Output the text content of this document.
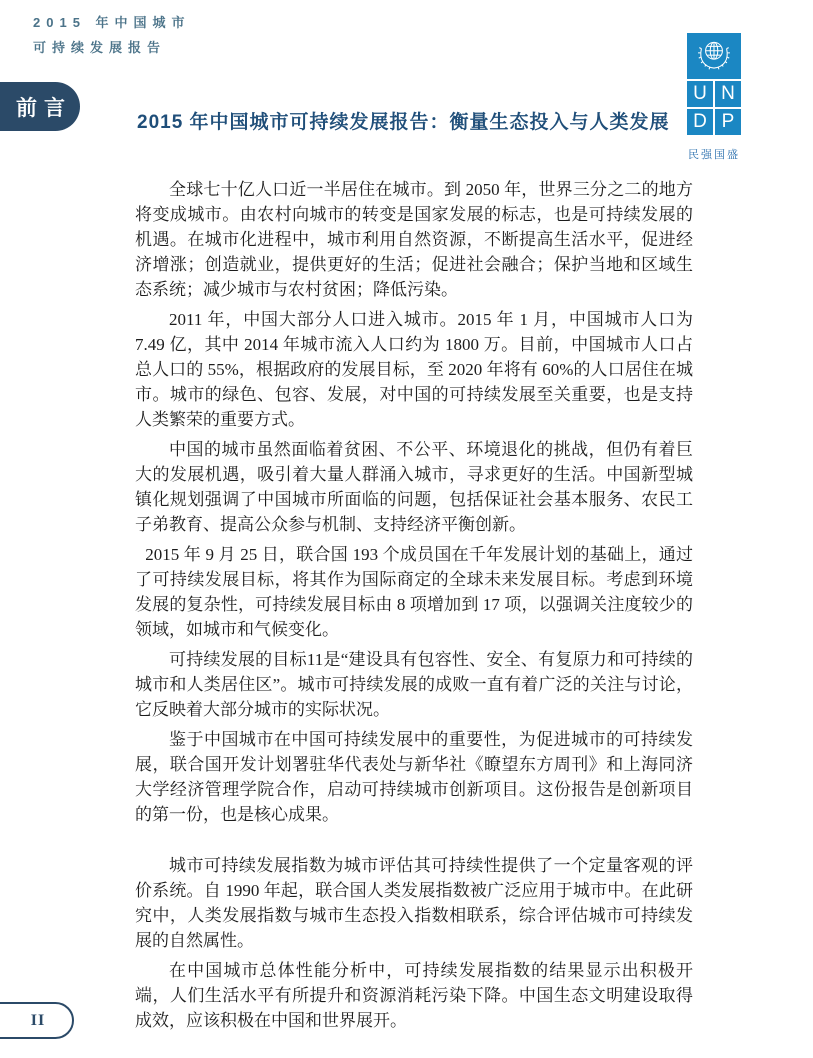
2015 年中国城市
可持续发展报告
前言
2015 年中国城市可持续发展报告：衡量生态投入与人类发展
U N
D P
民强国盛

全球七十亿人口近一半居住在城市。到 2050 年，世界三分之二的地方将变成城市。由农村向城市的转变是国家发展的标志，也是可持续发展的机遇。在城市化进程中，城市利用自然资源，不断提高生活水平，促进经济增涨；创造就业，提供更好的生活；促进社会融合；保护当地和区域生态系统；减少城市与农村贫困；降低污染。

2011 年，中国大部分人口进入城市。2015 年 1 月，中国城市人口为 7.49 亿，其中 2014 年城市流入人口约为 1800 万。目前，中国城市人口占总人口的 55%，根据政府的发展目标，至 2020 年将有 60%的人口居住在城市。城市的绿色、包容、发展，对中国的可持续发展至关重要，也是支持人类繁荣的重要方式。

中国的城市虽然面临着贫困、不公平、环境退化的挑战，但仍有着巨大的发展机遇，吸引着大量人群涌入城市，寻求更好的生活。中国新型城镇化规划强调了中国城市所面临的问题，包括保证社会基本服务、农民工子弟教育、提高公众参与机制、支持经济平衡创新。

2015 年 9 月 25 日，联合国 193 个成员国在千年发展计划的基础上，通过了可持续发展目标，将其作为国际商定的全球未来发展目标。考虑到环境发展的复杂性，可持续发展目标由 8 项增加到 17 项，以强调关注度较少的领域，如城市和气候变化。

可持续发展的目标11是“建设具有包容性、安全、有复原力和可持续的城市和人类居住区”。城市可持续发展的成败一直有着广泛的关注与讨论，它反映着大部分城市的实际状况。

鉴于中国城市在中国可持续发展中的重要性，为促进城市的可持续发展，联合国开发计划署驻华代表处与新华社《瞭望东方周刊》和上海同济大学经济管理学院合作，启动可持续城市创新项目。这份报告是创新项目的第一份，也是核心成果。

城市可持续发展指数为城市评估其可持续性提供了一个定量客观的评价系统。自 1990 年起，联合国人类发展指数被广泛应用于城市中。在此研究中，人类发展指数与城市生态投入指数相联系，综合评估城市可持续发展的自然属性。

在中国城市总体性能分析中，可持续发展指数的结果显示出积极开端，人们生活水平有所提升和资源消耗污染下降。中国生态文明建设取得成效，应该积极在中国和世界展开。

II
